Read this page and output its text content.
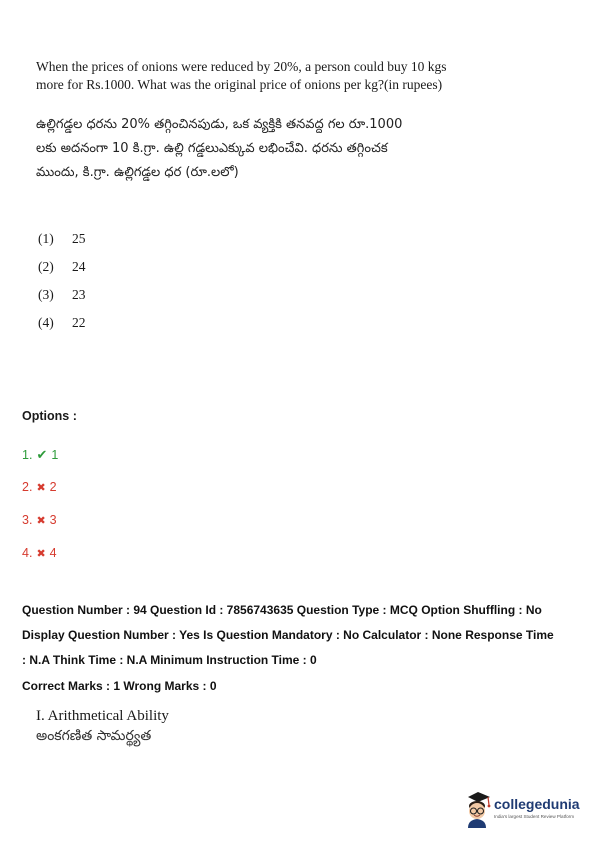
When the prices of onions were reduced by 20%, a person could buy 10 kgs
more for Rs.1000. What was the original price of onions per kg?(in rupees)
ఉల్లిగడ్డల ధరను 20% తగ్గించినపుడు, ఒక వ్యక్తికి తనవద్ద గల రూ.1000
లకు అదనంగా 10 కి.గ్రా. ఉల్లి గడ్డలుఎక్కువ లభించేవి. ధరను తగ్గించక
ముందు, కి.గ్రా. ఉల్లిగడ్డల ధర (రూ.లలో)
(1) 25
(2) 24
(3) 23
(4) 22
Options :
1. ✔ 1
2. ✖ 2
3. ✖ 3
4. ✖ 4
Question Number : 94 Question Id : 7856743635 Question Type : MCQ Option Shuffling : No
Display Question Number : Yes Is Question Mandatory : No Calculator : None Response Time
: N.A Think Time : N.A Minimum Instruction Time : 0
Correct Marks : 1 Wrong Marks : 0
I. Arithmetical Ability
అంకగణిత సామర్థ్యత
collegedunia
India's largest Student Review Platform
